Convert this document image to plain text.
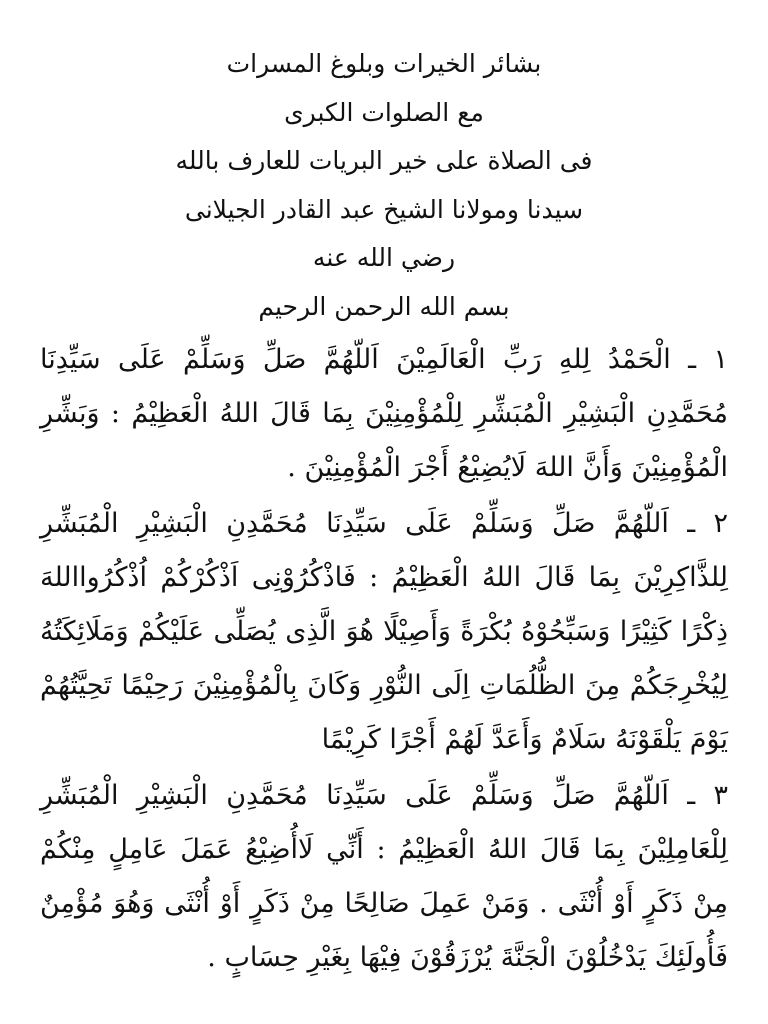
بشائر الخيرات وبلوغ المسرات

مع الصلوات الكبرى

فى الصلاة على خير البريات للعارف بالله

سيدنا ومولانا الشيخ عبد القادر الجيلانى

رضي الله عنه

بسم الله الرحمن الرحيم

١ ـ الْحَمْدُ لِلهِ رَبِّ الْعَالَمِيْنَ اَللّهُمَّ صَلِّ وَسَلِّمْ عَلَى سَيِّدِنَا مُحَمَّدِنِ الْبَشِيْرِ الْمُبَشِّرِ لِلْمُؤْمِنِيْنَ بِمَا قَالَ اللهُ الْعَظِيْمُ : وَبَشِّرِ الْمُؤْمِنِيْنَ وَأَنَّ اللهَ لَايُضِيْعُ أَجْرَ الْمُؤْمِنِيْنَ .

٢ ـ اَللّهُمَّ صَلِّ وَسَلِّمْ عَلَى سَيِّدِنَا مُحَمَّدِنِ الْبَشِيْرِ الْمُبَشِّرِ لِلذَّاكِرِيْنَ بِمَا قَالَ اللهُ الْعَظِيْمُ : فَاذْكُرُوْنِى اَذْكُرْكُمْ اُذْكُرُوااللهَ ذِكْرًا كَثِيْرًا وَسَبِّحُوْهُ بُكْرَةً وَأَصِيْلًا هُوَ الَّذِى يُصَلِّى عَلَيْكُمْ وَمَلَائِكَتُهُ لِيُخْرِجَكُمْ مِنَ الظُّلُمَاتِ اِلَى النُّوْرِ وَكَانَ بِالْمُؤْمِنِيْنَ رَحِيْمًا تَحِيَّتُهُمْ يَوْمَ يَلْقَوْنَهُ سَلَامٌ وَأَعَدَّ لَهُمْ أَجْرًا كَرِيْمًا

٣ ـ اَللّهُمَّ صَلِّ وَسَلِّمْ عَلَى سَيِّدِنَا مُحَمَّدِنِ الْبَشِيْرِ الْمُبَشِّرِ لِلْعَامِلِيْنَ بِمَا قَالَ اللهُ الْعَظِيْمُ : أَنِّي لَاأُضِيْعُ عَمَلَ عَامِلٍ مِنْكُمْ مِنْ ذَكَرٍ أَوْ أُنْثَى . وَمَنْ عَمِلَ صَالِحًا مِنْ ذَكَرٍ أَوْ أُنْثَى وَهُوَ مُؤْمِنٌ فَأُولَئِكَ يَدْخُلُوْنَ الْجَنَّةَ يُرْزَقُوْنَ فِيْهَا بِغَيْرِ حِسَابٍ .
